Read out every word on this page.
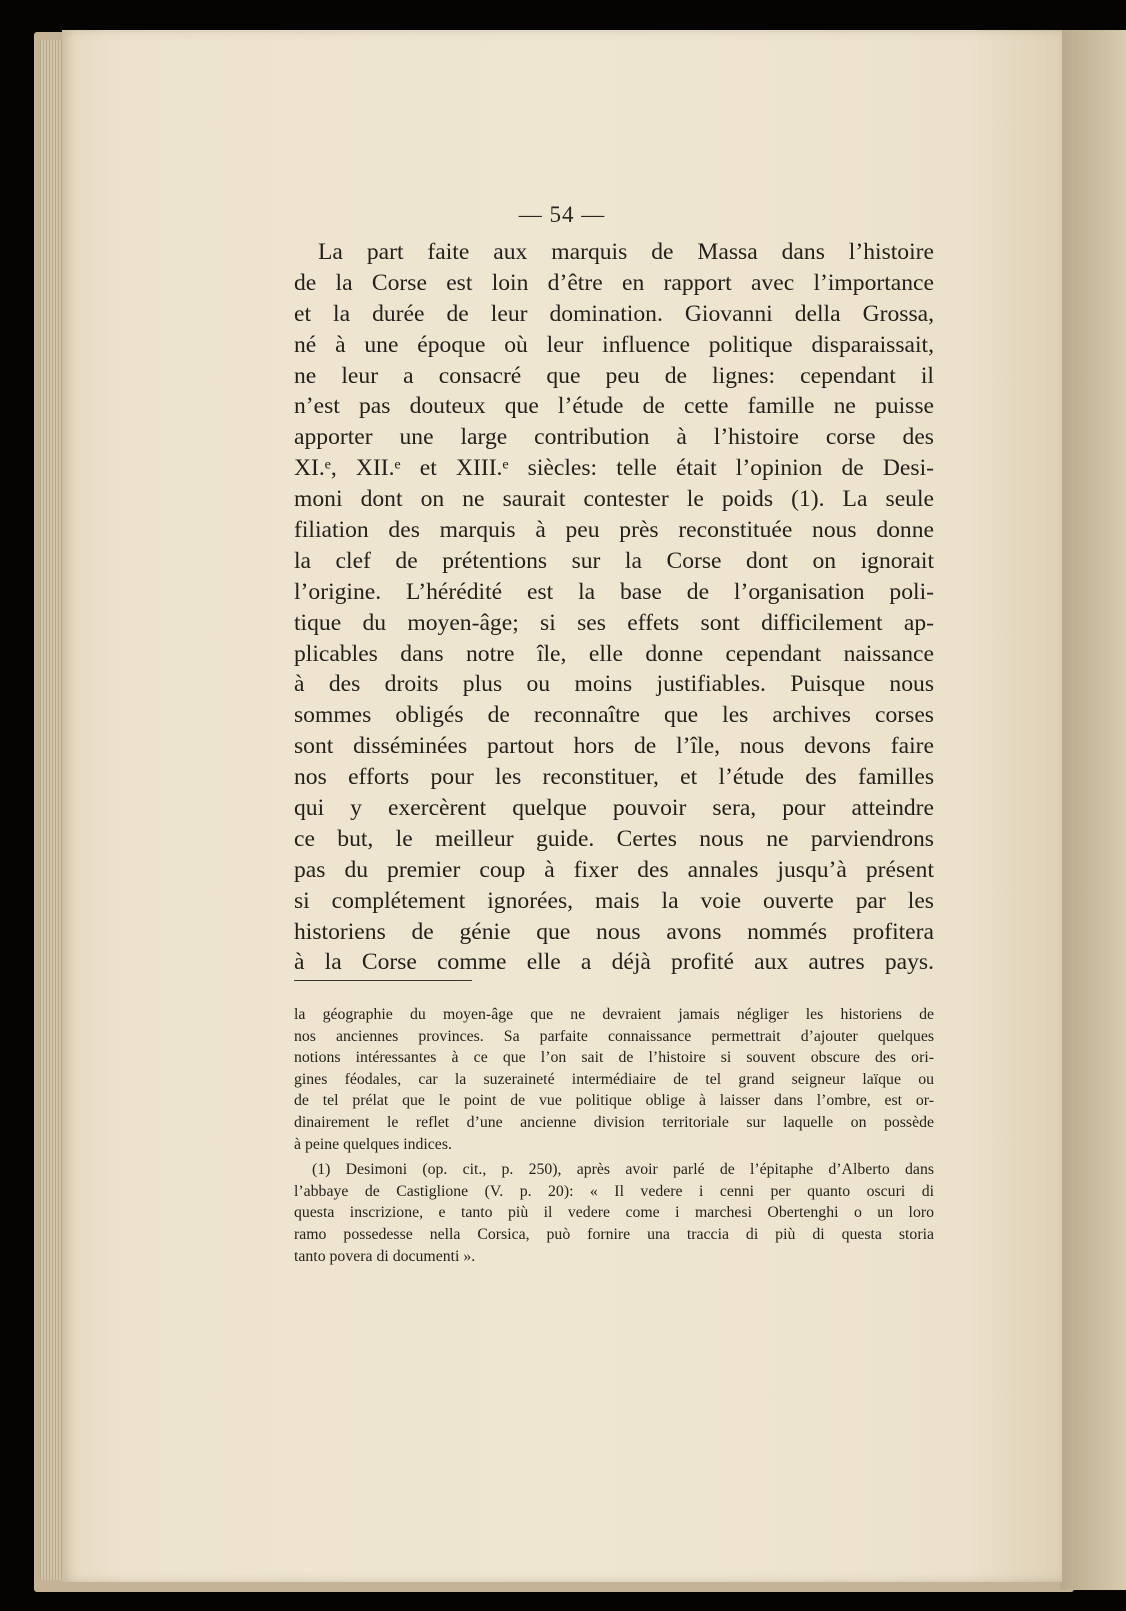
— 54 —
La part faite aux marquis de Massa dans l’histoire
de la Corse est loin d’être en rapport avec l’importance
et la durée de leur domination. Giovanni della Grossa,
né à une époque où leur influence politique disparaissait,
ne leur a consacré que peu de lignes: cependant il
n’est pas douteux que l’étude de cette famille ne puisse
apporter une large contribution à l’histoire corse des
XI.ᵉ, XII.ᵉ et XIII.ᵉ siècles: telle était l’opinion de Desi-
moni dont on ne saurait contester le poids (1). La seule
filiation des marquis à peu près reconstituée nous donne
la clef de prétentions sur la Corse dont on ignorait
l’origine. L’hérédité est la base de l’organisation poli-
tique du moyen-âge; si ses effets sont difficilement ap-
plicables dans notre île, elle donne cependant naissance
à des droits plus ou moins justifiables. Puisque nous
sommes obligés de reconnaître que les archives corses
sont disséminées partout hors de l’île, nous devons faire
nos efforts pour les reconstituer, et l’étude des familles
qui y exercèrent quelque pouvoir sera, pour atteindre
ce but, le meilleur guide. Certes nous ne parviendrons
pas du premier coup à fixer des annales jusqu’à présent
si complétement ignorées, mais la voie ouverte par les
historiens de génie que nous avons nommés profitera
à la Corse comme elle a déjà profité aux autres pays.
la géographie du moyen-âge que ne devraient jamais négliger les historiens de
nos anciennes provinces. Sa parfaite connaissance permettrait d’ajouter quelques
notions intéressantes à ce que l’on sait de l’histoire si souvent obscure des ori-
gines féodales, car la suzeraineté intermédiaire de tel grand seigneur laïque ou
de tel prélat que le point de vue politique oblige à laisser dans l’ombre, est or-
dinairement le reflet d’une ancienne division territoriale sur laquelle on possède
à peine quelques indices.
(1) Desimoni (op. cit., p. 250), après avoir parlé de l’épitaphe d’Alberto dans
l’abbaye de Castiglione (V. p. 20): « Il vedere i cenni per quanto oscuri di
questa inscrizione, e tanto più il vedere come i marchesi Obertenghi o un loro
ramo possedesse nella Corsica, può fornire una traccia di più di questa storia
tanto povera di documenti ».
